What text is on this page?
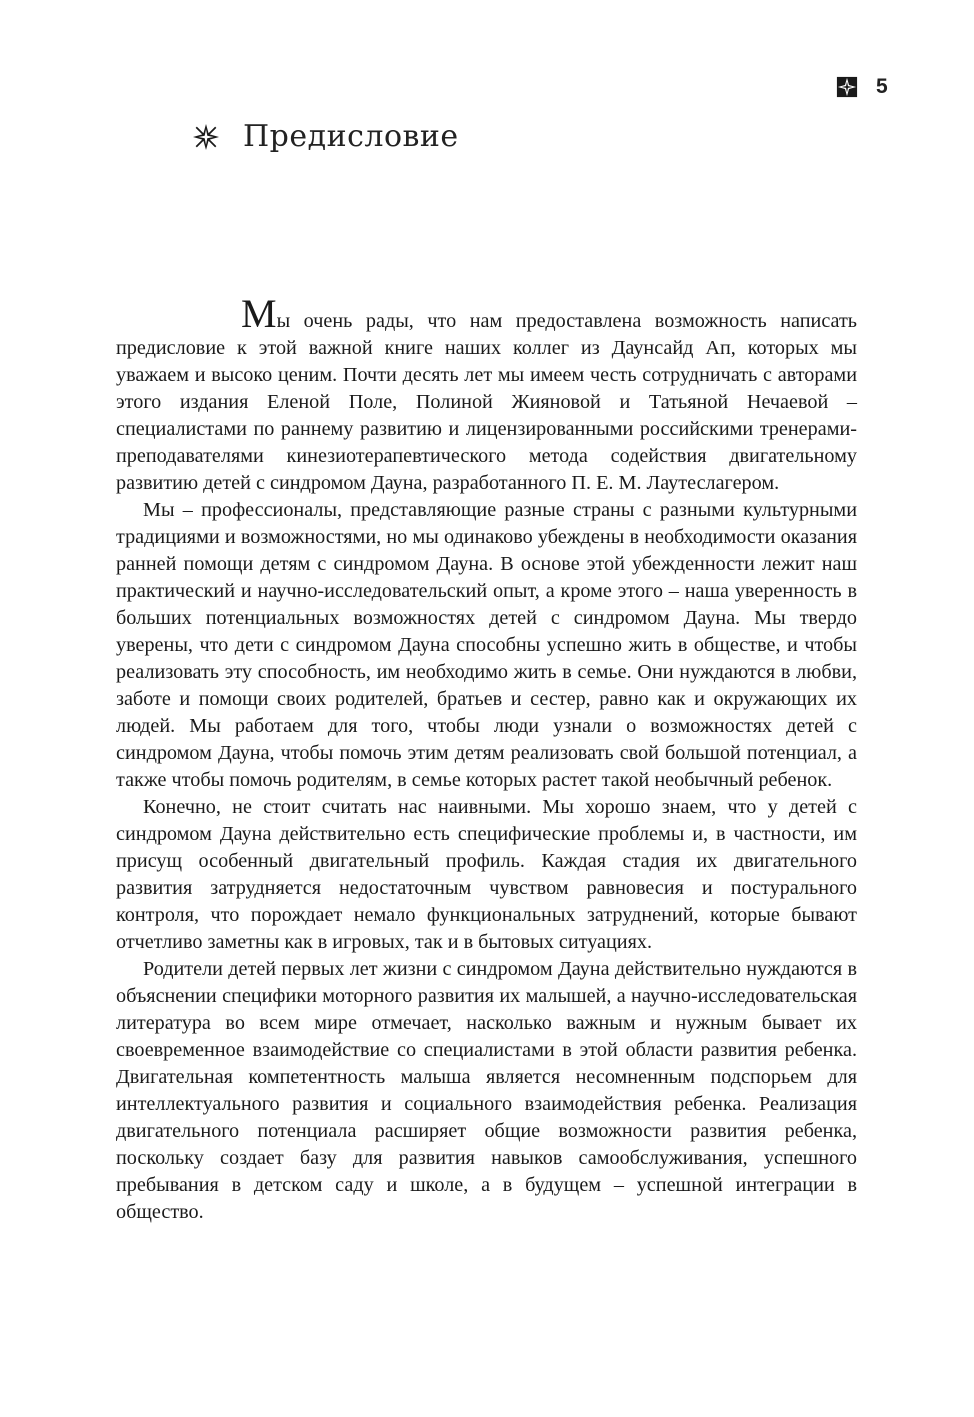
5
Предисловие

Мы очень рады, что нам предоставлена возможность написать предисловие к этой важной книге наших коллег из Даунсайд Ап, которых мы уважаем и высоко ценим. Почти десять лет мы имеем честь сотрудничать с авторами этого издания Еленой Поле, Полиной Жияновой и Татьяной Нечаевой – специалистами по раннему развитию и лицензированными российскими тренерами-преподавателями кинезиотерапевтического метода содействия двигательному развитию детей с синдромом Дауна, разработанного П. Е. М. Лаутеслагером.

Мы – профессионалы, представляющие разные страны с разными культурными традициями и возможностями, но мы одинаково убеждены в необходимости оказания ранней помощи детям с синдромом Дауна. В основе этой убежденности лежит наш практический и научно-исследовательский опыт, а кроме этого – наша уверенность в больших потенциальных возможностях детей с синдромом Дауна. Мы твердо уверены, что дети с синдромом Дауна способны успешно жить в обществе, и чтобы реализовать эту способность, им необходимо жить в семье. Они нуждаются в любви, заботе и помощи своих родителей, братьев и сестер, равно как и окружающих их людей. Мы работаем для того, чтобы люди узнали о возможностях детей с синдромом Дауна, чтобы помочь этим детям реализовать свой большой потенциал, а также чтобы помочь родителям, в семье которых растет такой необычный ребенок.

Конечно, не стоит считать нас наивными. Мы хорошо знаем, что у детей с синдромом Дауна действительно есть специфические проблемы и, в частности, им присущ особенный двигательный профиль. Каждая стадия их двигательного развития затрудняется недостаточным чувством равновесия и постурального контроля, что порождает немало функциональных затруднений, которые бывают отчетливо заметны как в игровых, так и в бытовых ситуациях.

Родители детей первых лет жизни с синдромом Дауна действительно нуждаются в объяснении специфики моторного развития их малышей, а научно-исследовательская литература во всем мире отмечает, насколько важным и нужным бывает их своевременное взаимодействие со специалистами в этой области развития ребенка. Двигательная компетентность малыша является несомненным подспорьем для интеллектуального развития и социального взаимодействия ребенка. Реализация двигательного потенциала расширяет общие возможности развития ребенка, поскольку создает базу для развития навыков самообслуживания, успешного пребывания в детском саду и школе, а в будущем – успешной интеграции в общество.
